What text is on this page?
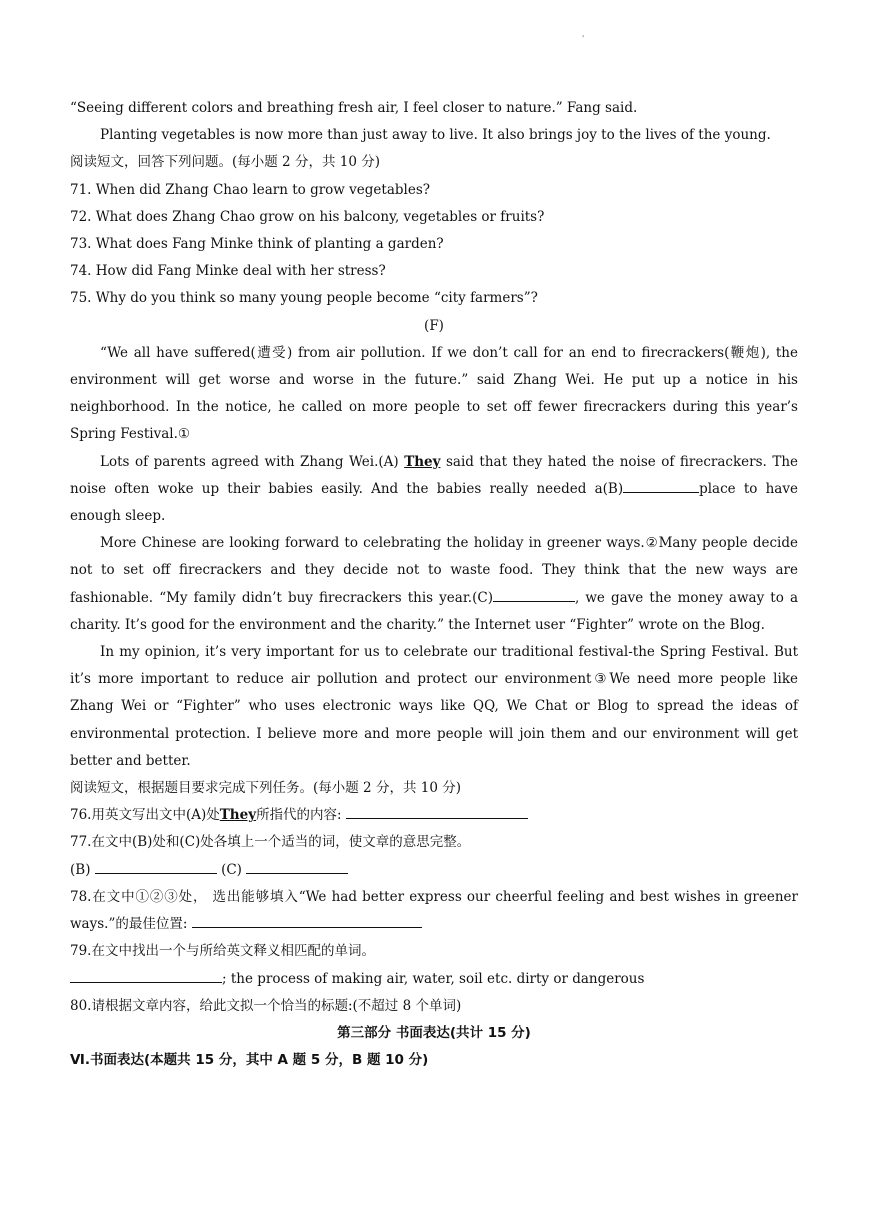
'
“Seeing different colors and breathing fresh air, I feel closer to nature.” Fang said.
Planting vegetables is now more than just away to live. It also brings joy to the lives of the young.
阅读短文，回答下列问题。(每小题 2 分，共 10 分)
71. When did Zhang Chao learn to grow vegetables?
72. What does Zhang Chao grow on his balcony, vegetables or fruits?
73. What does Fang Minke think of planting a garden?
74. How did Fang Minke deal with her stress?
75. Why do you think so many young people become “city farmers”?
(F)
“We all have suffered(遭受) from air pollution. If we don’t call for an end to firecrackers(鞭炮), the environment will get worse and worse in the future.” said Zhang Wei. He put up a notice in his neighborhood. In the notice, he called on more people to set off fewer firecrackers during this year’s Spring Festival.①
Lots of parents agreed with Zhang Wei.(A) They said that they hated the noise of firecrackers. The noise often woke up their babies easily. And the babies really needed a(B)	place to have enough sleep.
More Chinese are looking forward to celebrating the holiday in greener ways.②Many people decide not to set off firecrackers and they decide not to waste food. They think that the new ways are fashionable. “My family didn’t buy firecrackers this year.(C)	, we gave the money away to a charity. It’s good for the environment and the charity.” the Internet user “Fighter” wrote on the Blog.
In my opinion, it’s very important for us to celebrate our traditional festival-the Spring Festival. But it’s more important to reduce air pollution and protect our environment③We need more people like Zhang Wei or “Fighter” who uses electronic ways like QQ, We Chat or Blog to spread the ideas of environmental protection. I believe more and more people will join them and our environment will get better and better.
阅读短文，根据题目要求完成下列任务。(每小题 2 分，共 10 分)
76.用英文写出文中(A)处They所指代的内容:
77.在文中(B)处和(C)处各填上一个适当的词，使文章的意思完整。
(B)	(C)
78.在文中①②③处， 选出能够填入“We had better express our cheerful feeling and best wishes in greener ways.”的最佳位置:
79.在文中找出一个与所给英文释义相匹配的单词。
; the process of making air, water, soil etc. dirty or dangerous
80.请根据文章内容，给此文拟一个恰当的标题:(不超过 8 个单词)
第三部分 书面表达(共计 15 分)
Ⅵ.书面表达(本题共 15 分，其中 A 题 5 分，B 题 10 分)
